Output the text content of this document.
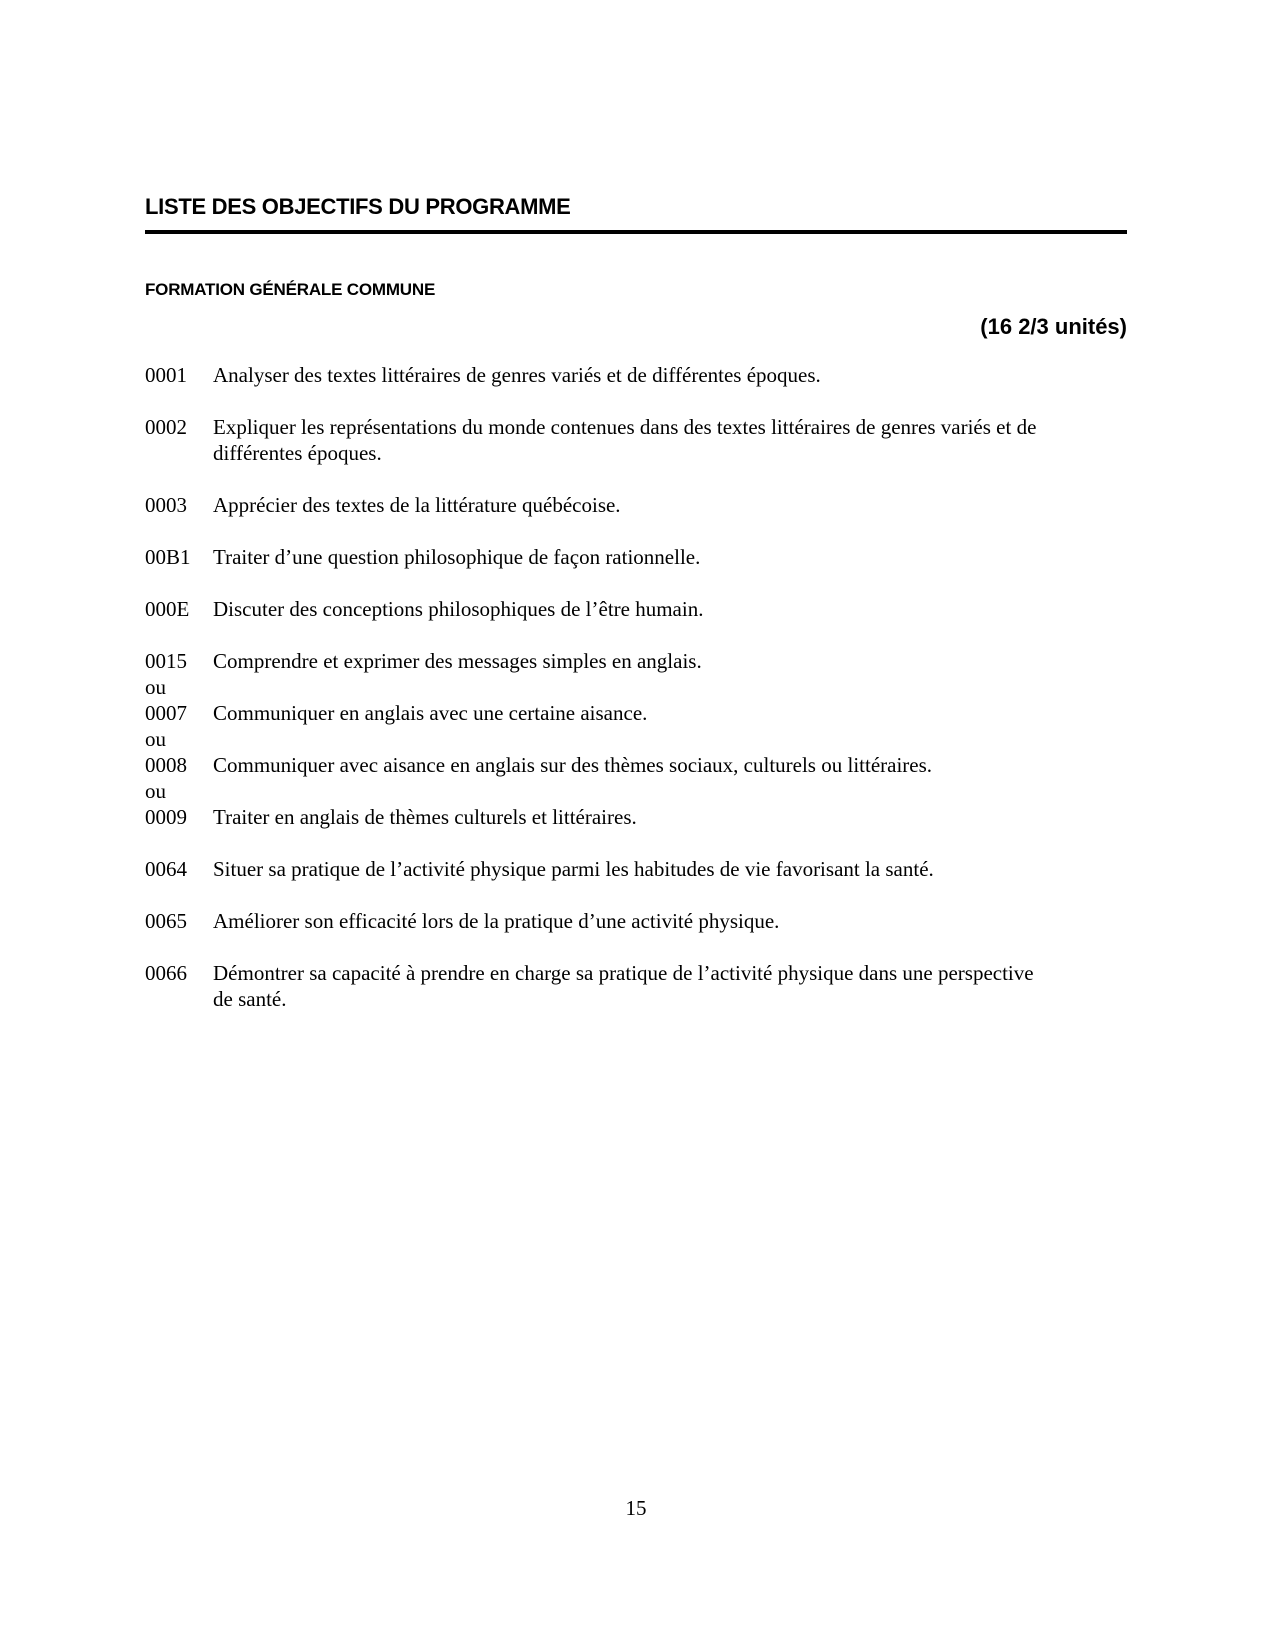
LISTE DES OBJECTIFS DU PROGRAMME
FORMATION GÉNÉRALE COMMUNE
(16 2/3 unités)
0001	Analyser des textes littéraires de genres variés et de différentes époques.
0002	Expliquer les représentations du monde contenues dans des textes littéraires de genres variés et de
différentes époques.
0003	Apprécier des textes de la littérature québécoise.
00B1	Traiter d’une question philosophique de façon rationnelle.
000E	Discuter des conceptions philosophiques de l’être humain.
0015	Comprendre et exprimer des messages simples en anglais.
ou
0007	Communiquer en anglais avec une certaine aisance.
ou
0008	Communiquer avec aisance en anglais sur des thèmes sociaux, culturels ou littéraires.
ou
0009	Traiter en anglais de thèmes culturels et littéraires.
0064	Situer sa pratique de l’activité physique parmi les habitudes de vie favorisant la santé.
0065	Améliorer son efficacité lors de la pratique d’une activité physique.
0066	Démontrer sa capacité à prendre en charge sa pratique de l’activité physique dans une perspective
de santé.
15
